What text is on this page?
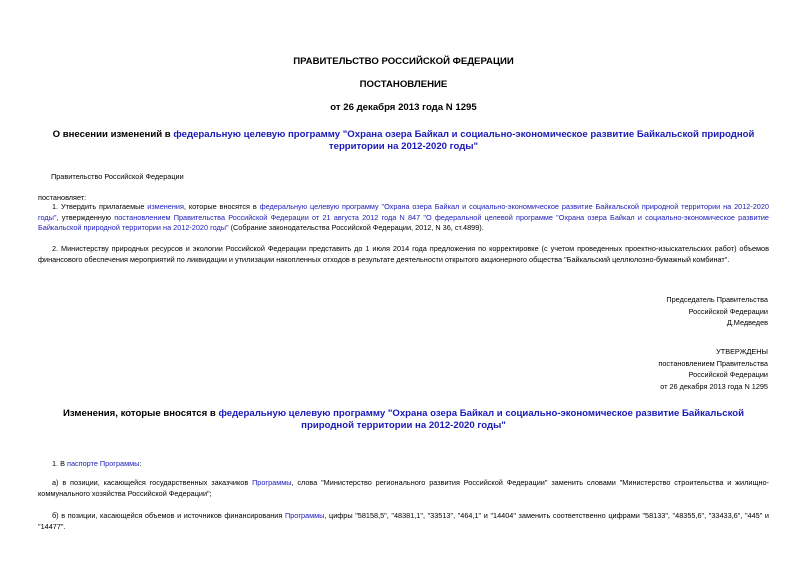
ПРАВИТЕЛЬСТВО РОССИЙСКОЙ ФЕДЕРАЦИИ
ПОСТАНОВЛЕНИЕ
от 26 декабря 2013 года N 1295
О внесении изменений в федеральную целевую программу "Охрана озера Байкал и социально-экономическое развитие Байкальской природной территории на 2012-2020 годы"
Правительство Российской Федерации
постановляет:
1. Утвердить прилагаемые изменения, которые вносятся в федеральную целевую программу "Охрана озера Байкал и социально-экономическое развитие Байкальской природной территории на 2012-2020 годы", утвержденную постановлением Правительства Российской Федерации от 21 августа 2012 года N 847 "О федеральной целевой программе "Охрана озера Байкал и социально-экономическое развитие Байкальской природной территории на 2012-2020 годы" (Собрание законодательства Российской Федерации, 2012, N 36, ст.4899).
2. Министерству природных ресурсов и экологии Российской Федерации представить до 1 июля 2014 года предложения по корректировке (с учетом проведенных проектно-изыскательских работ) объемов финансового обеспечения мероприятий по ликвидации и утилизации накопленных отходов в результате деятельности открытого акционерного общества "Байкальский целлюлозно-бумажный комбинат".
Председатель Правительства
Российской Федерации
Д.Медведев
УТВЕРЖДЕНЫ
постановлением Правительства
Российской Федерации
от 26 декабря 2013 года N 1295
Изменения, которые вносятся в федеральную целевую программу "Охрана озера Байкал и социально-экономическое развитие Байкальской природной территории на 2012-2020 годы"
1. В паспорте Программы:
а) в позиции, касающейся государственных заказчиков Программы, слова "Министерство регионального развития Российской Федерации" заменить словами "Министерство строительства и жилищно-коммунального хозяйства Российской Федерации";
б) в позиции, касающейся объемов и источников финансирования Программы, цифры "58158,5", "48381,1", "33513", "464,1" и "14404" заменить соответственно цифрами "58133", "48355,6", "33433,6", "445" и "14477".
